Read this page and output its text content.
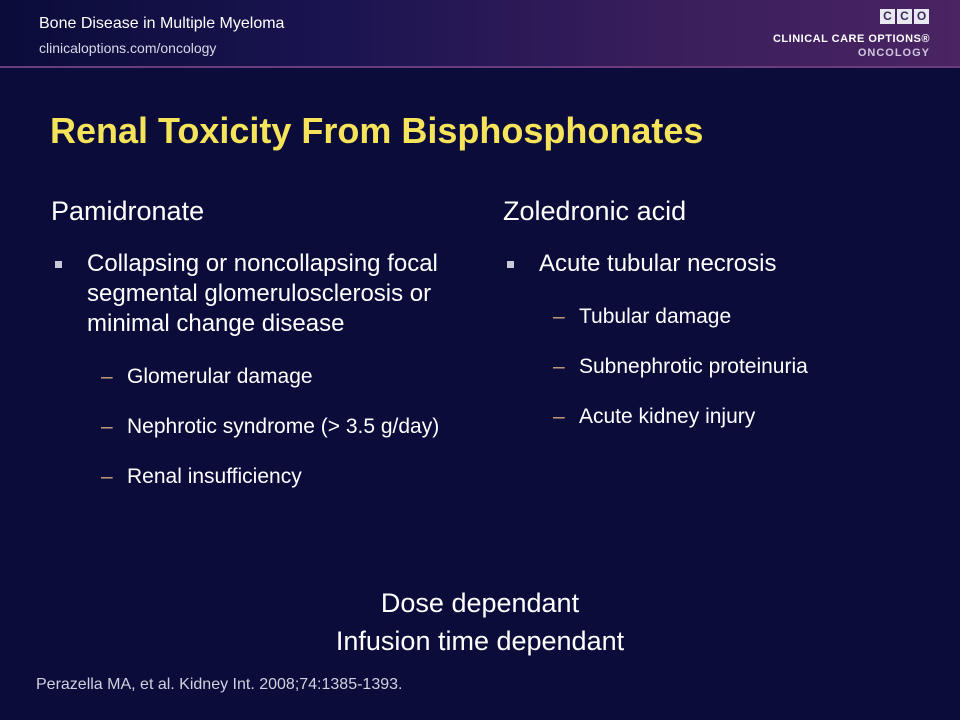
Bone Disease in Multiple Myeloma
clinicaloptions.com/oncology
C C O
CLINICAL CARE OPTIONS®
ONCOLOGY
Renal Toxicity From Bisphosphonates
Pamidronate
Collapsing or noncollapsing focal segmental glomerulosclerosis or minimal change disease
– Glomerular damage
– Nephrotic syndrome (> 3.5 g/day)
– Renal insufficiency
Zoledronic acid
Acute tubular necrosis
– Tubular damage
– Subnephrotic proteinuria
– Acute kidney injury
Dose dependant
Infusion time dependant
Perazella MA, et al. Kidney Int. 2008;74:1385-1393.
